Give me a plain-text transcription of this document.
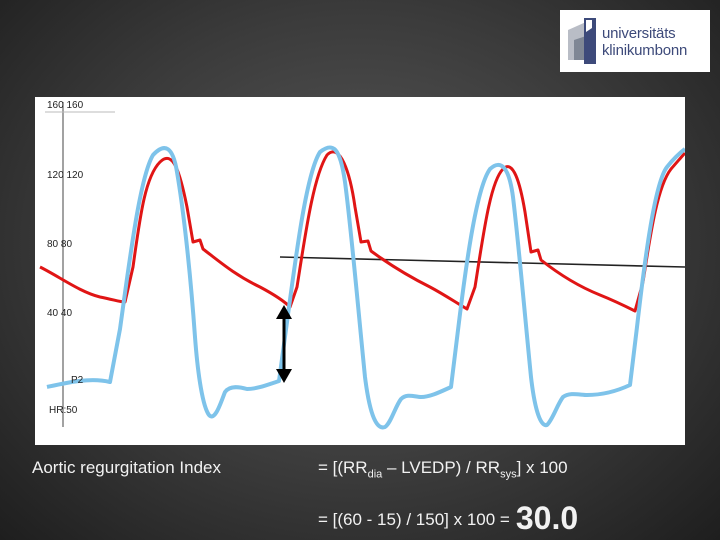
universitäts
klinikumbonn
160 160
120 120
80 80
40 40
P2
HR:50
Aortic regurgitation Index	= [($RR_{dia}$ – LVEDP) / $RR_{sys}$] x 100
= [(60 - 15) / 150] x 100 = 30.0
